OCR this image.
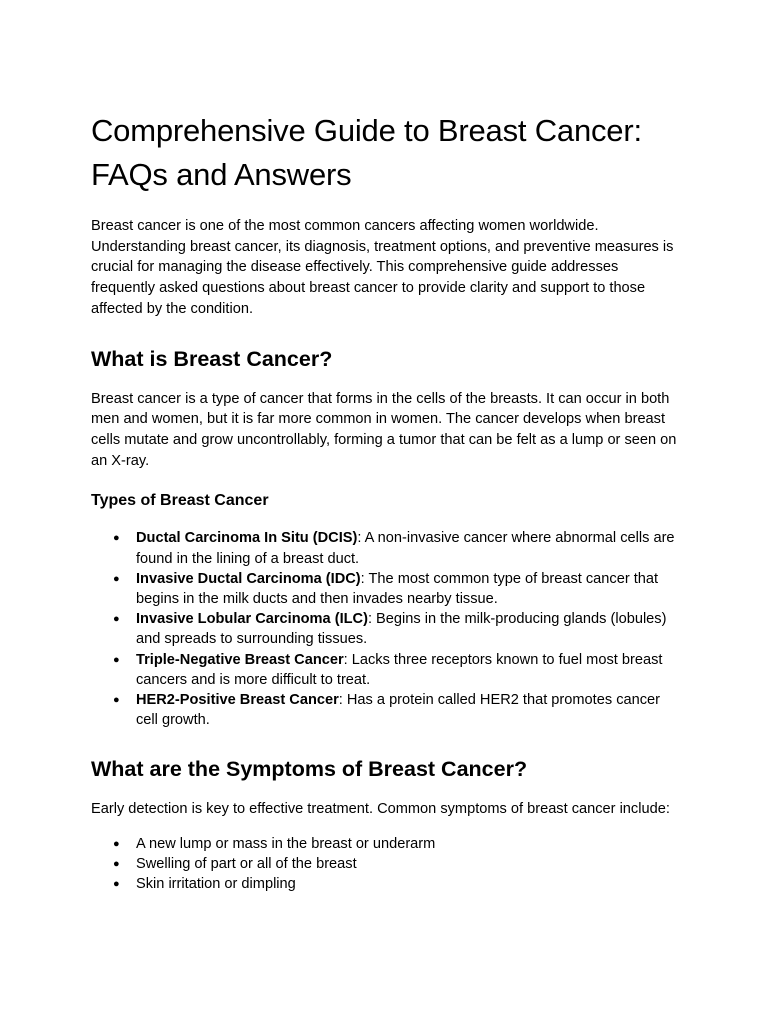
Comprehensive Guide to Breast Cancer: FAQs and Answers

Breast cancer is one of the most common cancers affecting women worldwide. Understanding breast cancer, its diagnosis, treatment options, and preventive measures is crucial for managing the disease effectively. This comprehensive guide addresses frequently asked questions about breast cancer to provide clarity and support to those affected by the condition.

What is Breast Cancer?

Breast cancer is a type of cancer that forms in the cells of the breasts. It can occur in both men and women, but it is far more common in women. The cancer develops when breast cells mutate and grow uncontrollably, forming a tumor that can be felt as a lump or seen on an X-ray.

Types of Breast Cancer
● Ductal Carcinoma In Situ (DCIS): A non-invasive cancer where abnormal cells are found in the lining of a breast duct.
● Invasive Ductal Carcinoma (IDC): The most common type of breast cancer that begins in the milk ducts and then invades nearby tissue.
● Invasive Lobular Carcinoma (ILC): Begins in the milk-producing glands (lobules) and spreads to surrounding tissues.
● Triple-Negative Breast Cancer: Lacks three receptors known to fuel most breast cancers and is more difficult to treat.
● HER2-Positive Breast Cancer: Has a protein called HER2 that promotes cancer cell growth.
What are the Symptoms of Breast Cancer?

Early detection is key to effective treatment. Common symptoms of breast cancer include:

● A new lump or mass in the breast or underarm
● Swelling of part or all of the breast
● Skin irritation or dimpling
